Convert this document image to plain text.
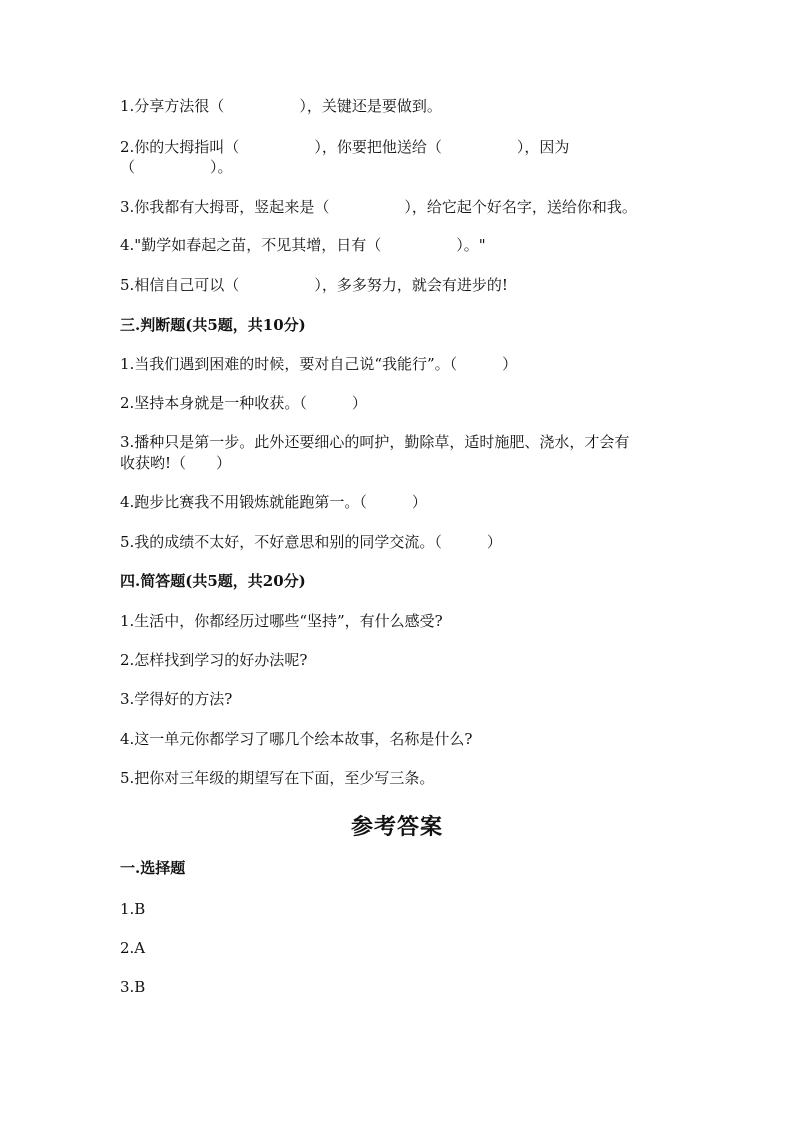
1.分享方法很（　　　　　），关键还是要做到。
2.你的大拇指叫（　　　　　），你要把他送给（　　　　　），因为
（　　　　　）。
3.你我都有大拇哥，竖起来是（　　　　　），给它起个好名字，送给你和我。
4."勤学如春起之苗，不见其增，日有（　　　　　）。"
5.相信自己可以（　　　　　），多多努力，就会有进步的!
三.判断题(共5题，共10分)
1.当我们遇到困难的时候，要对自己说“我能行”。（　　　）
2.坚持本身就是一种收获。（　　　）
3.播种只是第一步。此外还要细心的呵护，勤除草，适时施肥、浇水，才会有
收获哟!（　　）
4.跑步比赛我不用锻炼就能跑第一。（　　　）
5.我的成绩不太好，不好意思和别的同学交流。（　　　）
四.简答题(共5题，共20分)
1.生活中，你都经历过哪些“坚持”，有什么感受?
2.怎样找到学习的好办法呢?
3.学得好的方法?
4.这一单元你都学习了哪几个绘本故事，名称是什么?
5.把你对三年级的期望写在下面，至少写三条。
参考答案
一.选择题
1.B
2.A
3.B
